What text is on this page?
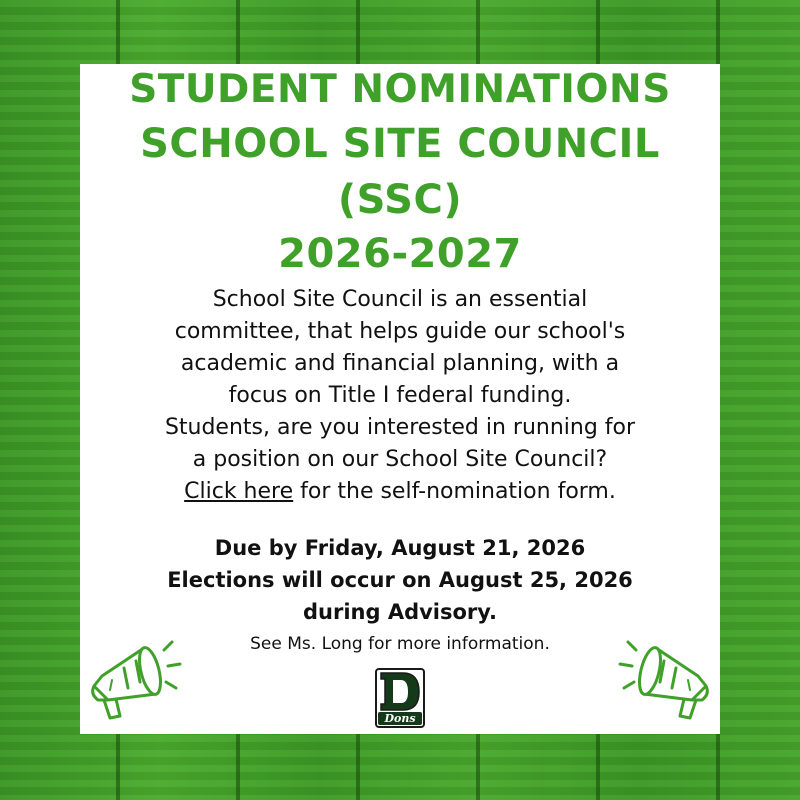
STUDENT NOMINATIONS
SCHOOL SITE COUNCIL
(SSC)
2026-2027
School Site Council is an essential
committee, that helps guide our school's
academic and financial planning, with a
focus on Title I federal funding.
Students, are you interested in running for
a position on our School Site Council?
Click here for the self-nomination form.
Due by Friday, August 21, 2026
Elections will occur on August 25, 2026
during Advisory.
See Ms. Long for more information.
Dons
